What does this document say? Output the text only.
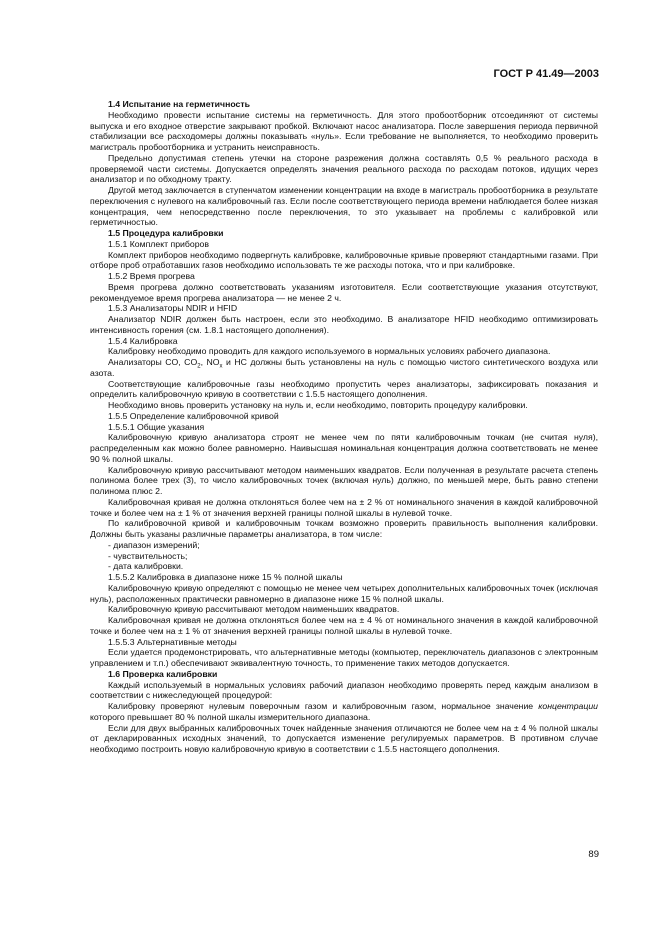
ГОСТ Р 41.49—2003

1.4 Испытание на герметичность

Необходимо провести испытание системы на герметичность. Для этого пробоотборник отсоединяют от системы выпуска и его входное отверстие закрывают пробкой. Включают насос анализатора. После завершения периода первичной стабилизации все расходомеры должны показывать «нуль». Если требование не выполняется, то необходимо проверить магистраль пробоотборника и устранить неисправность.

Предельно допустимая степень утечки на стороне разрежения должна составлять 0,5 % реального расхода в проверяемой части системы. Допускается определять значения реального расхода по расходам потоков, идущих через анализатор и по обходному тракту.

Другой метод заключается в ступенчатом изменении концентрации на входе в магистраль пробоотборника в результате переключения с нулевого на калибровочный газ. Если после соответствующего периода времени наблюдается более низкая концентрация, чем непосредственно после переключения, то это указывает на проблемы с калибровкой или герметичностью.

1.5 Процедура калибровки

1.5.1 Комплект приборов

Комплект приборов необходимо подвергнуть калибровке, калибровочные кривые проверяют стандартными газами. При отборе проб отработавших газов необходимо использовать те же расходы потока, что и при калибровке.

1.5.2 Время прогрева

Время прогрева должно соответствовать указаниям изготовителя. Если соответствующие указания отсутствуют, рекомендуемое время прогрева анализатора — не менее 2 ч.

1.5.3 Анализаторы NDIR и HFID

Анализатор NDIR должен быть настроен, если это необходимо. В анализаторе HFID необходимо оптимизировать интенсивность горения (см. 1.8.1 настоящего дополнения).

1.5.4 Калибровка

Калибровку необходимо проводить для каждого используемого в нормальных условиях рабочего диапазона.

Анализаторы CO, $CO_2$, $NO_x$ и HC должны быть установлены на нуль с помощью чистого синтетического воздуха или азота.

Соответствующие калибровочные газы необходимо пропустить через анализаторы, зафиксировать показания и определить калибровочную кривую в соответствии с 1.5.5 настоящего дополнения.

Необходимо вновь проверить установку на нуль и, если необходимо, повторить процедуру калибровки.

1.5.5 Определение калибровочной кривой

1.5.5.1 Общие указания

Калибровочную кривую анализатора строят не менее чем по пяти калибровочным точкам (не считая нуля), распределенным как можно более равномерно. Наивысшая номинальная концентрация должна соответствовать не менее 90 % полной шкалы.

Калибровочную кривую рассчитывают методом наименьших квадратов. Если полученная в результате расчета степень полинома более трех (3), то число калибровочных точек (включая нуль) должно, по меньшей мере, быть равно степени полинома плюс 2.

Калибровочная кривая не должна отклоняться более чем на ± 2 % от номинального значения в каждой калибровочной точке и более чем на ± 1 % от значения верхней границы полной шкалы в нулевой точке.

По калибровочной кривой и калибровочным точкам возможно проверить правильность выполнения калибровки. Должны быть указаны различные параметры анализатора, в том числе:

- диапазон измерений;

- чувствительность;

- дата калибровки.

1.5.5.2 Калибровка в диапазоне ниже 15 % полной шкалы

Калибровочную кривую определяют с помощью не менее чем четырех дополнительных калибровочных точек (исключая нуль), расположенных практически равномерно в диапазоне ниже 15 % полной шкалы.

Калибровочную кривую рассчитывают методом наименьших квадратов.

Калибровочная кривая не должна отклоняться более чем на ± 4 % от номинального значения в каждой калибровочной точке и более чем на ± 1 % от значения верхней границы полной шкалы в нулевой точке.

1.5.5.3 Альтернативные методы

Если удается продемонстрировать, что альтернативные методы (компьютер, переключатель диапазонов с электронным управлением и т.п.) обеспечивают эквивалентную точность, то применение таких методов допускается.

1.6 Проверка калибровки

Каждый используемый в нормальных условиях рабочий диапазон необходимо проверять перед каждым анализом в соответствии с нижеследующей процедурой:

Калибровку проверяют нулевым поверочным газом и калибровочным газом, нормальное значение концентрации которого превышает 80 % полной шкалы измерительного диапазона.

Если для двух выбранных калибровочных точек найденные значения отличаются не более чем на ± 4 % полной шкалы от декларированных исходных значений, то допускается изменение регулируемых параметров. В противном случае необходимо построить новую калибровочную кривую в соответствии с 1.5.5 настоящего дополнения.

89
